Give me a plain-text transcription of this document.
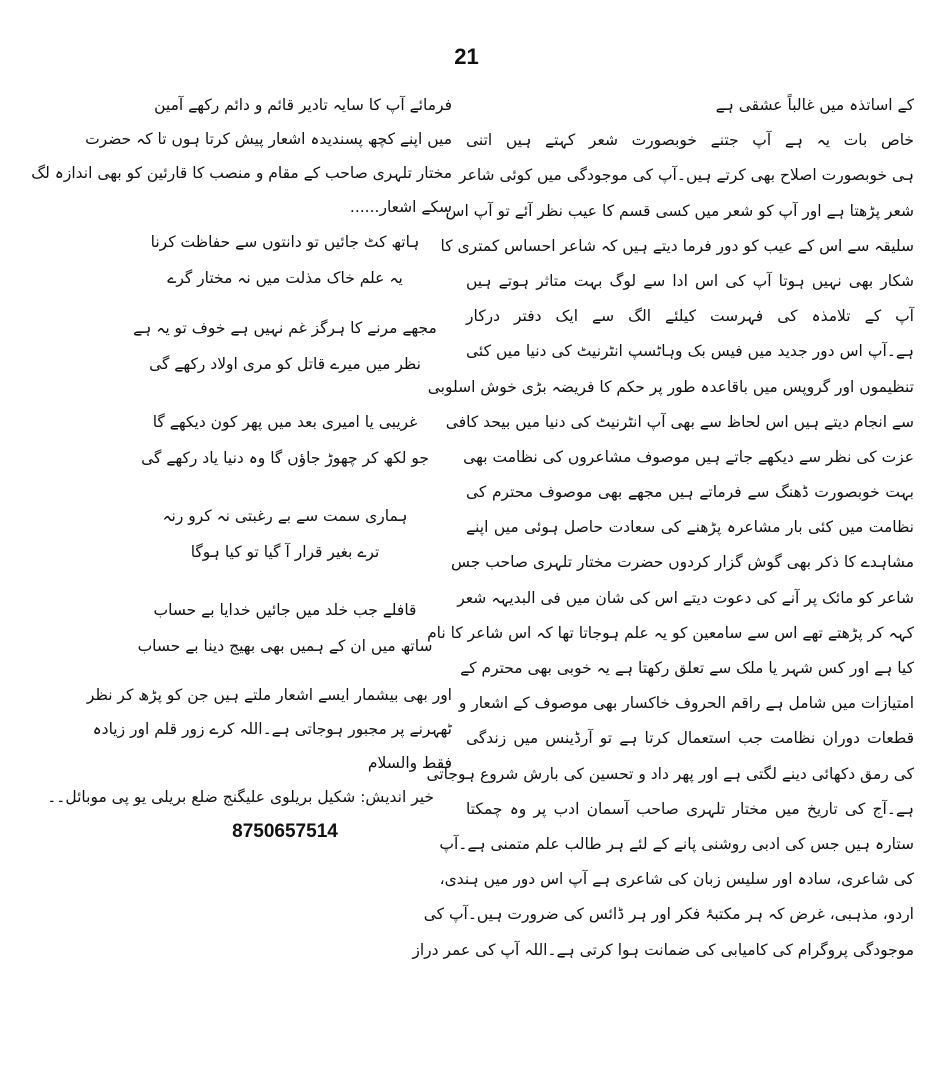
21
کے اساتذہ میں غالباً عشقی ہے
خاص بات یہ ہے آپ جتنے خوبصورت شعر کہتے ہیں اتنی
ہی خوبصورت اصلاح بھی کرتے ہیں۔آپ کی موجودگی میں کوئی شاعر
شعر پڑھتا ہے اور آپ کو شعر میں کسی قسم کا عیب نظر آئے تو آپ اس
سلیقہ سے اس کے عیب کو دور فرما دیتے ہیں کہ شاعر احساس کمتری کا
شکار بھی نہیں ہوتا آپ کی اس ادا سے لوگ بہت متاثر ہوتے ہیں
آپ کے تلامذہ کی فہرست کیلئے الگ سے ایک دفتر درکار
ہے۔آپ اس دور جدید میں فیس بک وہاٹسپ انٹرنیٹ کی دنیا میں کئی
تنظیموں اور گروپس میں باقاعدہ طور پر حکم کا فریضہ بڑی خوش اسلوبی
سے انجام دیتے ہیں اس لحاظ سے بھی آپ انٹرنیٹ کی دنیا میں بیحد کافی
عزت کی نظر سے دیکھے جاتے ہیں موصوف مشاعروں کی نظامت بھی
بہت خوبصورت ڈھنگ سے فرماتے ہیں مجھے بھی موصوف محترم کی
نظامت میں کئی بار مشاعرہ پڑھنے کی سعادت حاصل ہوئی میں اپنے
مشاہدے کا ذکر بھی گوش گزار کردوں حضرت مختار تلہری صاحب جس
شاعر کو مائک پر آنے کی دعوت دیتے اس کی شان میں فی البدیہہ شعر
کہہ کر پڑھتے تھے اس سے سامعین کو یہ علم ہوجاتا تھا کہ اس شاعر کا نام
کیا ہے اور کس شہر یا ملک سے تعلق رکھتا ہے یہ خوبی بھی محترم کے
امتیازات میں شامل ہے راقم الحروف خاکسار بھی موصوف کے اشعار و
قطعات دوران نظامت جب استعمال کرتا ہے تو آرڈینس میں زندگی
کی رمق دکھائی دینے لگتی ہے اور پھر داد و تحسین کی بارش شروع ہوجاتی
ہے۔آج کی تاریخ میں مختار تلہری صاحب آسمان ادب پر وہ چمکتا
ستارہ ہیں جس کی ادبی روشنی پانے کے لئے ہر طالب علم متمنی ہے۔آپ
کی شاعری، سادہ اور سلیس زبان کی شاعری ہے آپ اس دور میں ہندی،
اردو، مذہبی، غرض کہ ہر مکتبۂ فکر اور ہر ڈائس کی ضرورت ہیں۔آپ کی
موجودگی پروگرام کی کامیابی کی ضمانت ہوا کرتی ہے۔اللہ آپ کی عمر دراز
فرمائے آپ کا سایہ تادیر قائم و دائم رکھے آمین
میں اپنے کچھ پسندیدہ اشعار پیش کرتا ہوں تا کہ حضرت
مختار تلہری صاحب کے مقام و منصب کا قارئین کو بھی اندازہ لگ
سکے اشعار......
ہاتھ کٹ جائیں تو دانتوں سے حفاظت کرنا
یہ علم خاک مذلت میں نہ مختار گرے
مجھے مرنے کا ہرگز غم نہیں ہے خوف تو یہ ہے
نظر میں میرے قاتل کو مری اولاد رکھے گی
غریبی یا امیری بعد میں پھر کون دیکھے گا
جو لکھ کر چھوڑ جاؤں گا وہ دنیا یاد رکھے گی
ہماری سمت سے بے رغبتی نہ کرو رنہ
ترے بغیر قرار آ گیا تو کیا ہوگا
قافلے جب خلد میں جائیں خدایا بے حساب
ساتھ میں ان کے ہمیں بھی بھیج دینا بے حساب
اور بھی بیشمار ایسے اشعار ملتے ہیں جن کو پڑھ کر نظر
ٹھہرنے پر مجبور ہوجاتی ہے۔اللہ کرے زور قلم اور زیادہ
فقط والسلام
خیر اندیش: شکیل بریلوی علیگنج ضلع بریلی یو پی موبائل۔۔
8750657514
